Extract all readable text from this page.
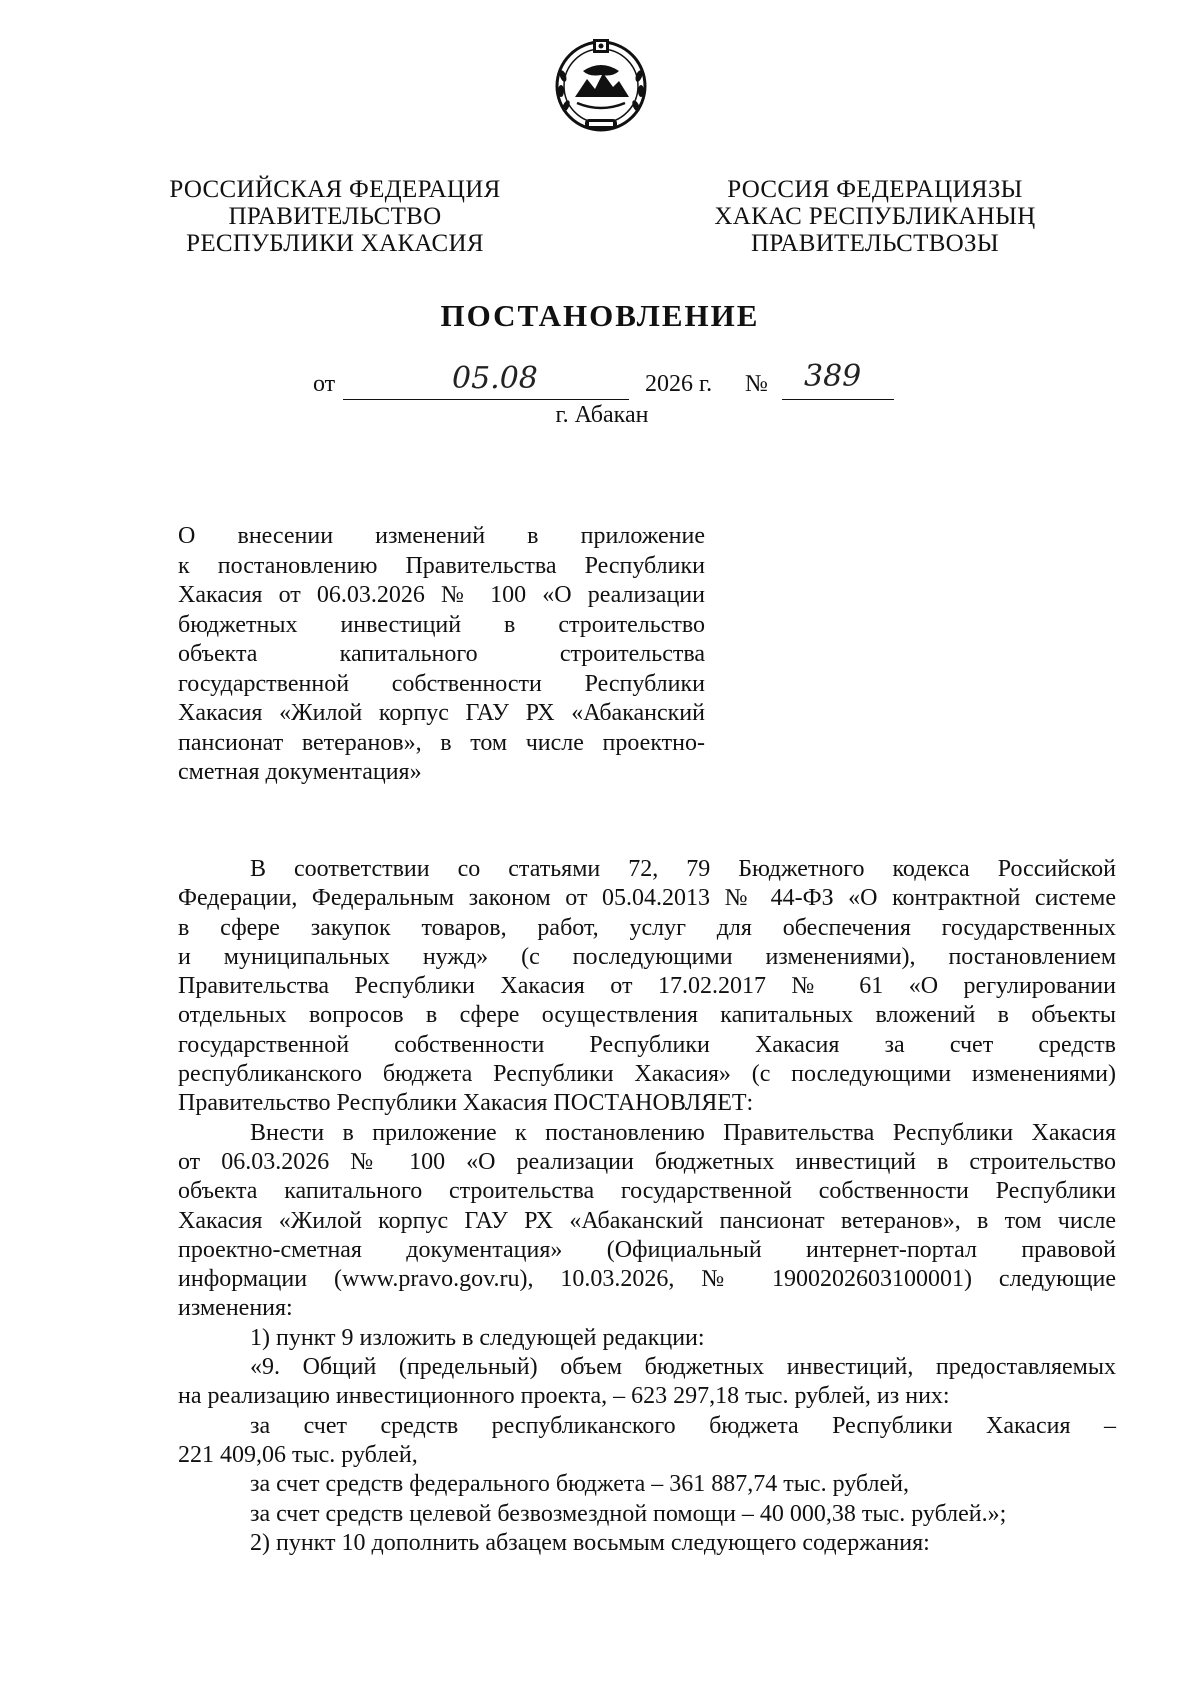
РОССИЙСКАЯ ФЕДЕРАЦИЯ
ПРАВИТЕЛЬСТВО
РЕСПУБЛИКИ ХАКАСИЯ
РОССИЯ ФЕДЕРАЦИЯЗЫ
ХАКАС РЕСПУБЛИКАНЫҢ
ПРАВИТЕЛЬСТВОЗЫ
ПОСТАНОВЛЕНИЕ
от	05.08	2026 г. № 389
г. Абакан
О внесении изменений в приложение
к постановлению Правительства Республики
Хакасия от 06.03.2026 № 100 «О реализации
бюджетных инвестиций в строительство
объекта капитального строительства
государственной собственности Республики
Хакасия «Жилой корпус ГАУ РХ «Абаканский
пансионат ветеранов», в том числе проектно-
сметная документация»
В соответствии со статьями 72, 79 Бюджетного кодекса Российской
Федерации, Федеральным законом от 05.04.2013 № 44-ФЗ «О контрактной системе
в сфере закупок товаров, работ, услуг для обеспечения государственных
и муниципальных нужд» (с последующими изменениями), постановлением
Правительства Республики Хакасия от 17.02.2017 № 61 «О регулировании
отдельных вопросов в сфере осуществления капитальных вложений в объекты
государственной собственности Республики Хакасия за счет средств
республиканского бюджета Республики Хакасия» (с последующими изменениями)
Правительство Республики Хакасия ПОСТАНОВЛЯЕТ:
Внести в приложение к постановлению Правительства Республики Хакасия
от 06.03.2026 № 100 «О реализации бюджетных инвестиций в строительство
объекта капитального строительства государственной собственности Республики
Хакасия «Жилой корпус ГАУ РХ «Абаканский пансионат ветеранов», в том числе
проектно-сметная документация» (Официальный интернет-портал правовой
информации (www.pravo.gov.ru), 10.03.2026, № 1900202603100001) следующие
изменения:
1) пункт 9 изложить в следующей редакции:
«9. Общий (предельный) объем бюджетных инвестиций, предоставляемых
на реализацию инвестиционного проекта, – 623 297,18 тыс. рублей, из них:
за счет средств республиканского бюджета Республики Хакасия –
221 409,06 тыс. рублей,
за счет средств федерального бюджета – 361 887,74 тыс. рублей,
за счет средств целевой безвозмездной помощи – 40 000,38 тыс. рублей.»;
2) пункт 10 дополнить абзацем восьмым следующего содержания:
